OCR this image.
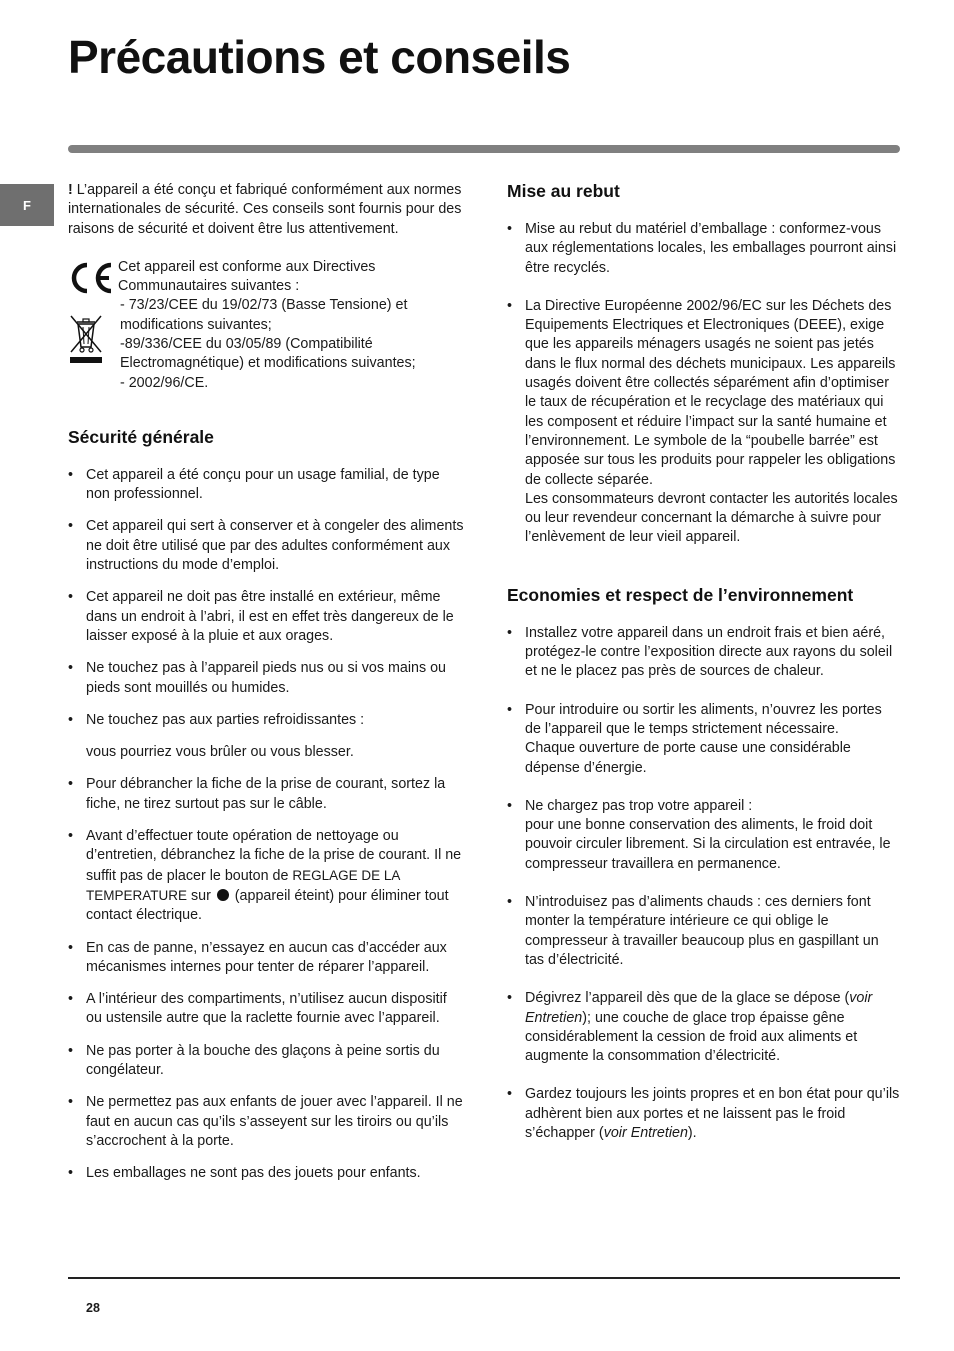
Précautions et conseils
F

! L’appareil a été conçu et fabriqué conformément aux normes internationales de sécurité. Ces conseils sont fournis pour des raisons de sécurité et doivent être lus attentivement.

Cet appareil est conforme aux Directives Communautaires suivantes :

- 73/23/CEE du 19/02/73 (Basse Tensione) et modifications suivantes;

-89/336/CEE du 03/05/89 (Compatibilité Electromagnétique) et modifications suivantes;

- 2002/96/CE.

Sécurité générale
• Cet appareil a été conçu pour un usage familial, de type non professionnel.
• Cet appareil qui sert à conserver et à congeler des aliments ne doit être utilisé que par des adultes conformément aux instructions du mode d’emploi.
• Cet appareil ne doit pas être installé en extérieur, même dans un endroit à l’abri, il est en effet très dangereux de le laisser exposé à la pluie et aux orages.
• Ne touchez pas à l’appareil pieds nus ou si vos mains ou pieds sont mouillés ou humides.
• Ne touchez pas aux parties refroidissantes :

vous pourriez vous brûler ou vous blesser.

• Pour débrancher la fiche de la prise de courant, sortez la fiche, ne tirez surtout pas sur le câble.
• Avant d’effectuer toute opération de nettoyage ou d’entretien, débranchez la fiche de la prise de courant. Il ne suffit pas de placer le bouton de REGLAGE DE LA TEMPERATURE sur  (appareil éteint) pour éliminer tout contact électrique.
• En cas de panne, n’essayez en aucun cas d’accéder aux mécanismes internes pour tenter de réparer l’appareil.
• A l’intérieur des compartiments, n’utilisez aucun dispositif ou ustensile autre que la raclette fournie avec l’appareil.
• Ne pas porter à la bouche des glaçons à peine sortis du congélateur.
• Ne permettez pas aux enfants de jouer avec l’appareil. Il ne faut en aucun cas qu’ils s’asseyent sur les tiroirs ou qu’ils s’accrochent à la porte.
• Les emballages ne sont pas des jouets pour enfants.
Mise au rebut
• Mise au rebut du matériel d’emballage : conformez-vous aux réglementations locales, les emballages pourront ainsi être recyclés.
• La Directive Européenne 2002/96/EC sur les Déchets des Equipements Electriques et Electroniques (DEEE), exige que les appareils ménagers usagés ne soient pas jetés dans le flux normal des déchets municipaux. Les appareils usagés doivent être collectés séparément afin d’optimiser le taux de récupération et le recyclage des matériaux qui les composent et réduire l’impact sur la santé humaine et l’environnement. Le symbole de la “poubelle barrée” est apposée sur tous les produits pour rappeler les obligations de collecte séparée.

Les consommateurs devront contacter les autorités locales ou leur revendeur concernant la démarche à suivre pour l’enlèvement de leur vieil appareil.

Economies et respect de l’environnement
• Installez votre appareil dans un endroit frais et bien aéré, protégez-le contre l’exposition directe aux rayons du soleil et ne le placez pas près de sources de chaleur.
• Pour introduire ou sortir les aliments, n’ouvrez les portes de l’appareil que le temps strictement nécessaire.

Chaque ouverture de porte cause une considérable dépense d’énergie.

• Ne chargez pas trop votre appareil :

pour une bonne conservation des aliments, le froid doit pouvoir circuler librement. Si la circulation est entravée, le compresseur travaillera en permanence.

• N’introduisez pas d’aliments chauds : ces derniers font monter la température intérieure ce qui oblige le compresseur à travailler beaucoup plus en gaspillant un tas d’électricité.
• Dégivrez l’appareil dès que de la glace se dépose (voir Entretien); une couche de glace trop épaisse gêne considérablement la cession de froid aux aliments et augmente la consommation d’électricité.
• Gardez toujours les joints propres et en bon état pour qu’ils adhèrent bien aux portes et ne laissent pas le froid s’échapper (voir Entretien).
28
